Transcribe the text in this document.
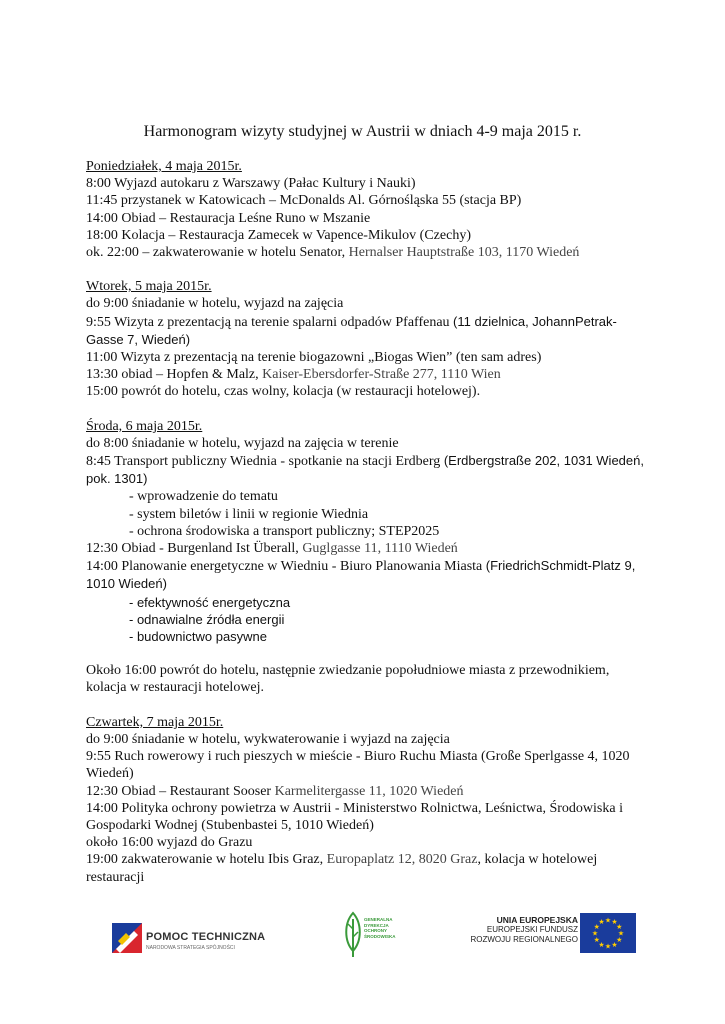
Harmonogram wizyty studyjnej w Austrii w dniach 4-9 maja 2015 r.
Poniedziałek, 4 maja 2015r.
8:00 Wyjazd autokaru z Warszawy (Pałac Kultury i Nauki)
11:45 przystanek w Katowicach – McDonalds Al. Górnośląska 55 (stacja BP)
14:00 Obiad – Restauracja Leśne Runo w Mszanie
18:00 Kolacja – Restauracja Zamecek w Vapence-Mikulov (Czechy)
ok. 22:00 – zakwaterowanie w hotelu Senator, Hernalser Hauptstraße 103, 1170 Wiedeń
Wtorek, 5 maja 2015r.
do 9:00 śniadanie w hotelu, wyjazd na zajęcia
9:55 Wizyta z prezentacją na terenie spalarni odpadów Pfaffenau (11 dzielnica, JohannPetrak-Gasse 7, Wiedeń)
11:00 Wizyta z prezentacją na terenie biogazowni „Biogas Wien” (ten sam adres)
13:30 obiad – Hopfen & Malz, Kaiser-Ebersdorfer-Straße 277, 1110 Wien
15:00 powrót do hotelu, czas wolny, kolacja (w restauracji hotelowej).
Środa, 6 maja 2015r.
do 8:00 śniadanie w hotelu, wyjazd na zajęcia w terenie
8:45 Transport publiczny Wiednia - spotkanie na stacji Erdberg (Erdbergstraße 202, 1031 Wiedeń, pok. 1301)
- wprowadzenie do tematu
- system biletów i linii w regionie Wiednia
- ochrona środowiska a transport publiczny; STEP2025
12:30 Obiad - Burgenland Ist Überall, Guglgasse 11, 1110 Wiedeń
14:00 Planowanie energetyczne w Wiedniu - Biuro Planowania Miasta (FriedrichSchmidt-Platz 9, 1010 Wiedeń)
- efektywność energetyczna
- odnawialne źródła energii
- budownictwo pasywne
Około 16:00 powrót do hotelu, następnie zwiedzanie popołudniowe miasta z przewodnikiem, kolacja w restauracji hotelowej.
Czwartek, 7 maja 2015r.
do 9:00 śniadanie w hotelu, wykwaterowanie i wyjazd na zajęcia
9:55 Ruch rowerowy i ruch pieszych w mieście - Biuro Ruchu Miasta (Große Sperlgasse 4, 1020 Wiedeń)
12:30 Obiad – Restaurant Sooser Karmelitergasse 11, 1020 Wiedeń
14:00 Polityka ochrony powietrza w Austrii - Ministerstwo Rolnictwa, Leśnictwa, Środowiska i Gospodarki Wodnej (Stubenbastei 5, 1010 Wiedeń)
około 16:00 wyjazd do Grazu
19:00 zakwaterowanie w hotelu Ibis Graz, Europaplatz 12, 8020 Graz, kolacja w hotelowej restauracji
POMOC TECHNICZNA
NARODOWA STRATEGIA SPÓJNOŚCI
GENERALNA
DYREKCJA
OCHRONY
ŚRODOWISKA
UNIA EUROPEJSKA
EUROPEJSKI FUNDUSZ
ROZWOJU REGIONALNEGO
★ ★
★
★
★
★
★
★
★
★
★
★
